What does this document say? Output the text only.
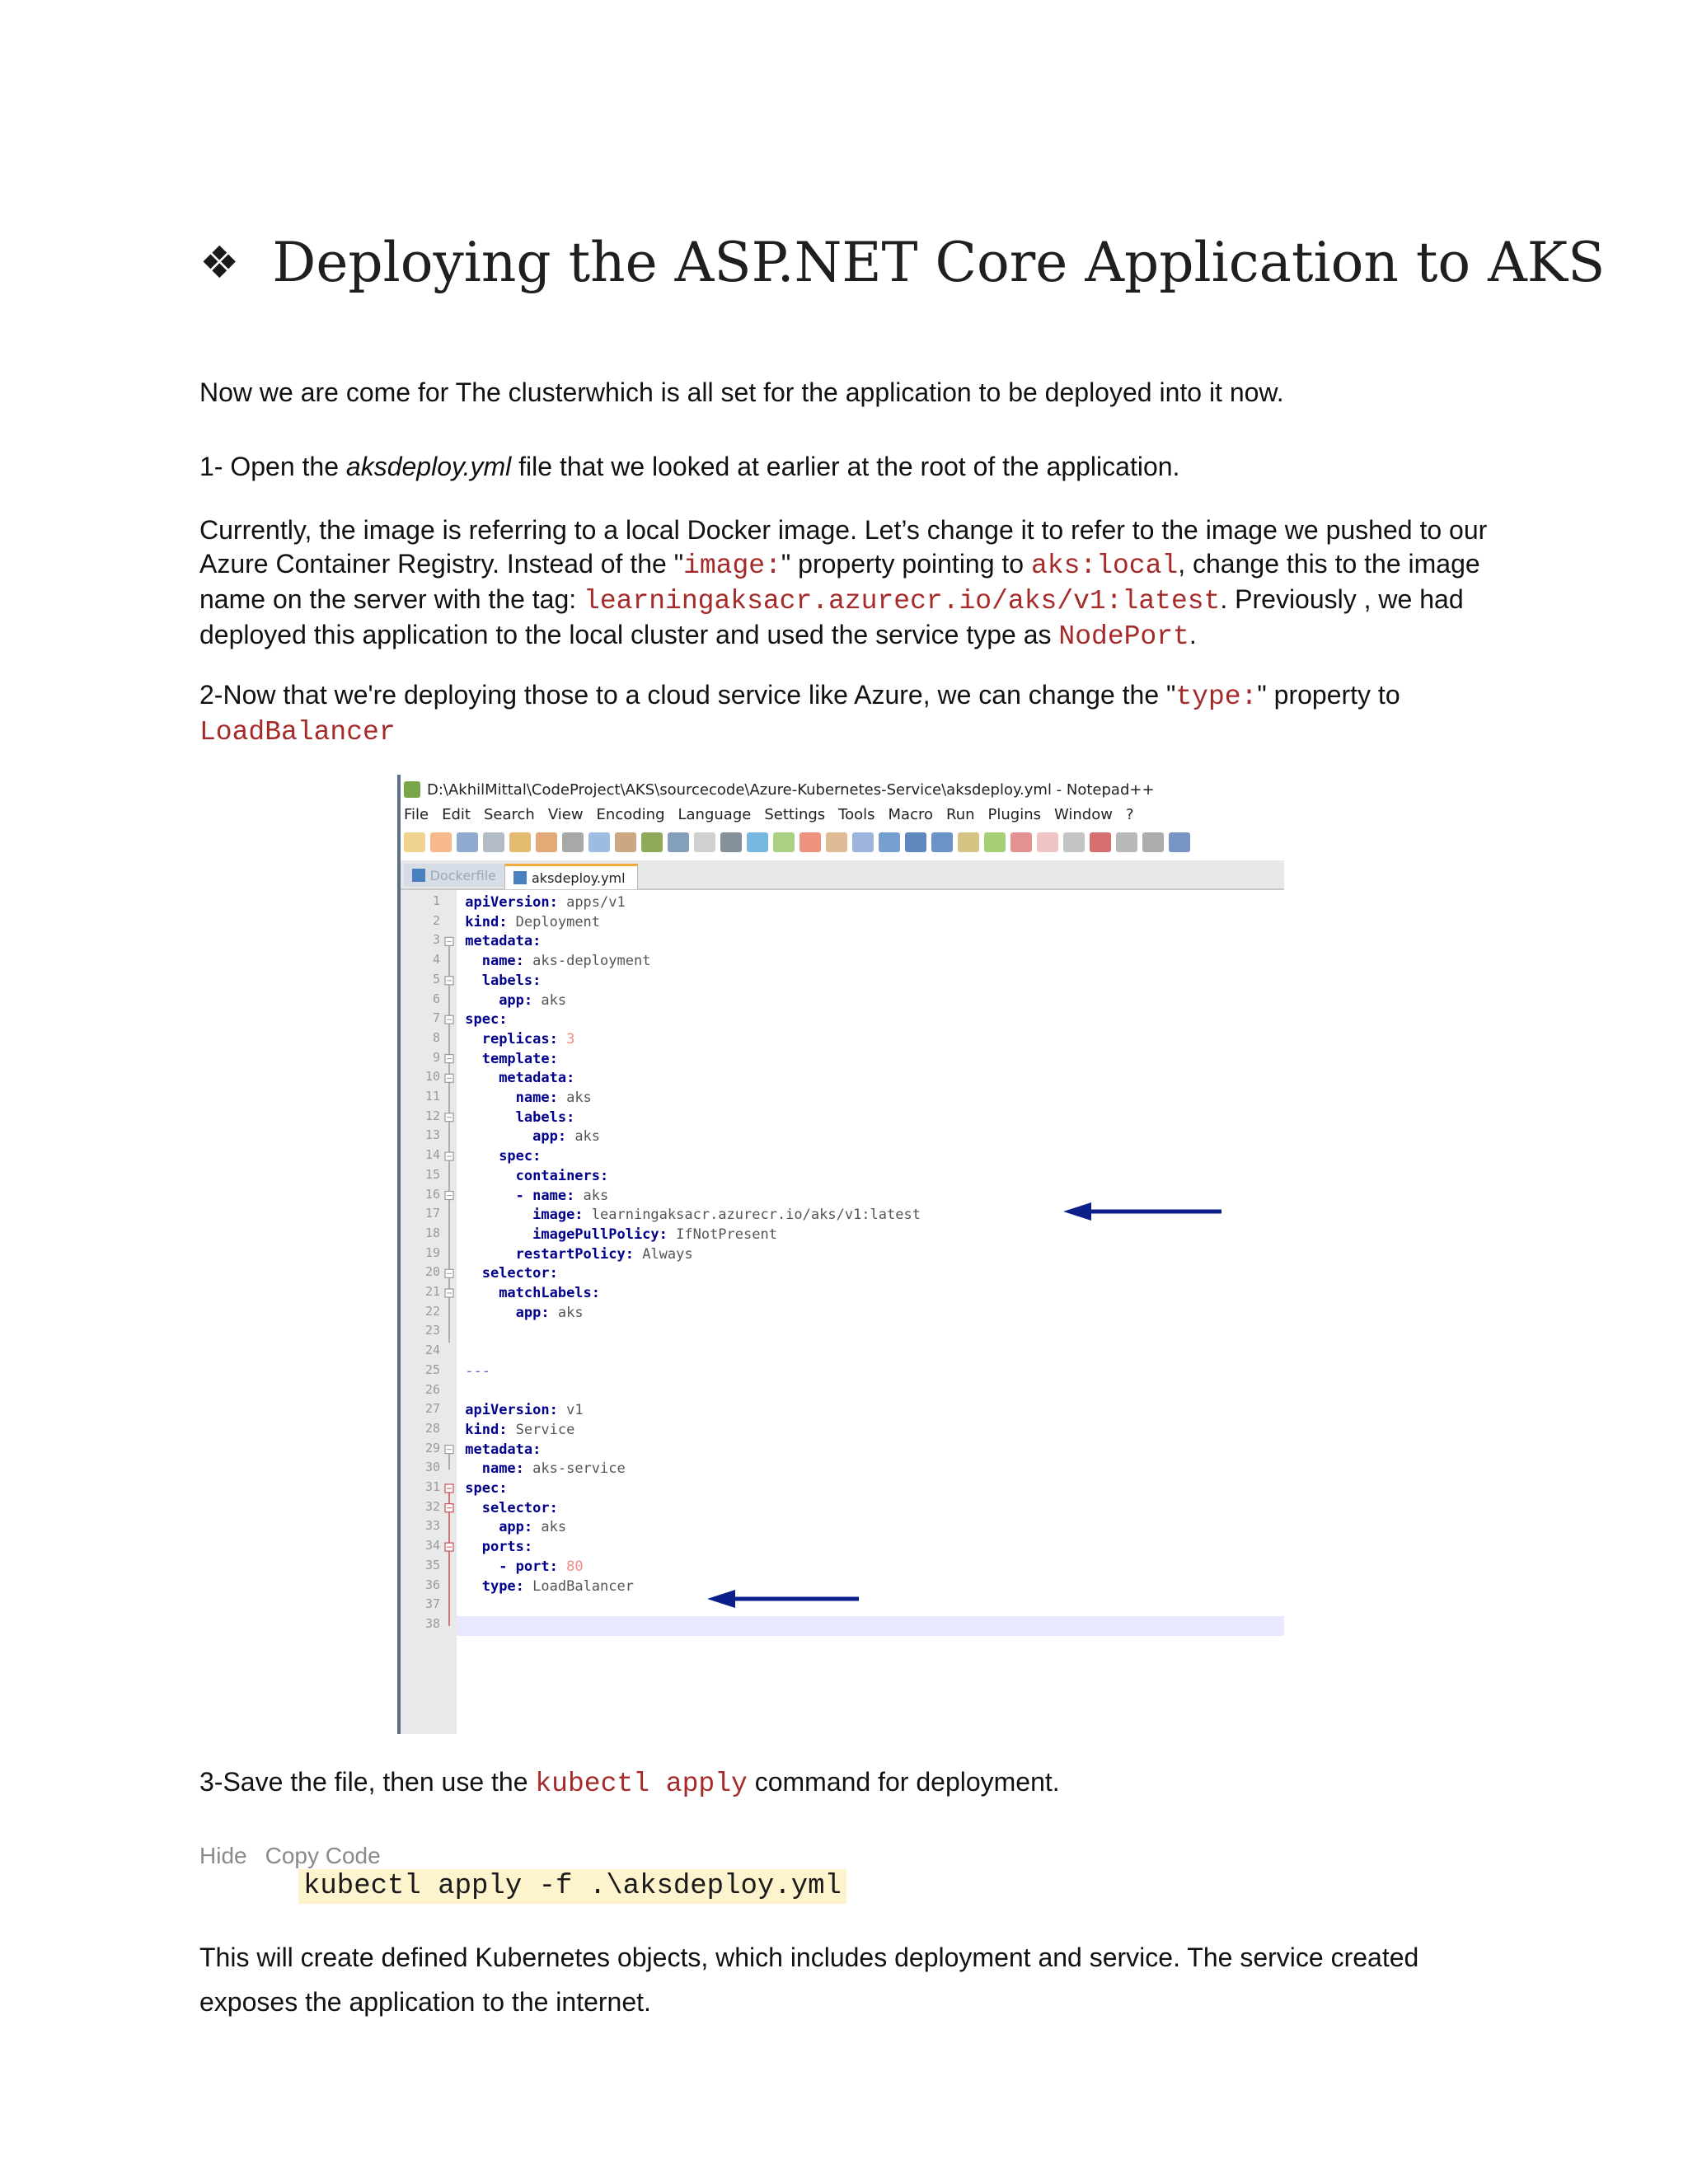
❖ Deploying the ASP.NET Core Application to AKS

Now we are come for The clusterwhich is all set for the application to be deployed into it now.

1- Open the aksdeploy.yml file that we looked at earlier at the root of the application.

Currently, the image is referring to a local Docker image. Let’s change it to refer to the image we pushed to our Azure Container Registry. Instead of the "image:" property pointing to aks:local, change this to the image name on the server with the tag: learningaksacr.azurecr.io/aks/v1:latest. Previously , we had deployed this application to the local cluster and used the service type as NodePort.

2-Now that we're deploying those to a cloud service like Azure, we can change the "type:" property to
LoadBalancer

D:\AkhilMittal\CodeProject\AKS\sourcecode\Azure-Kubernetes-Service\aksdeploy.yml - Notepad++
File Edit Search View Encoding Language Settings Tools Macro Run Plugins Window ?
Dockerfile	aksdeploy.yml
1
2
3
4
5
6
7
8
9
10
11
12
13
14
15
16
17
18
19
20
21
22
23
24
25
26
27
28
29
30
31
32
33
34
35
36
37
38
apiVersion: apps/v1
kind: Deployment
metadata:
name: aks-deployment
labels:
app: aks
spec:
replicas: 3
template:
metadata:
name: aks
labels:
app: aks
spec:
containers:
- name: aks
image: learningaksacr.azurecr.io/aks/v1:latest
imagePullPolicy: IfNotPresent
restartPolicy: Always
selector:
matchLabels:
app: aks

---

apiVersion: v1
kind: Service
metadata:
name: aks-service
spec:
selector:
app: aks
ports:
- port: 80
type: LoadBalancer

3-Save the file, then use the kubectl apply command for deployment.

Hide Copy Code
kubectl apply -f .\aksdeploy.yml

This will create defined Kubernetes objects, which includes deployment and service. The service created exposes the application to the internet.
